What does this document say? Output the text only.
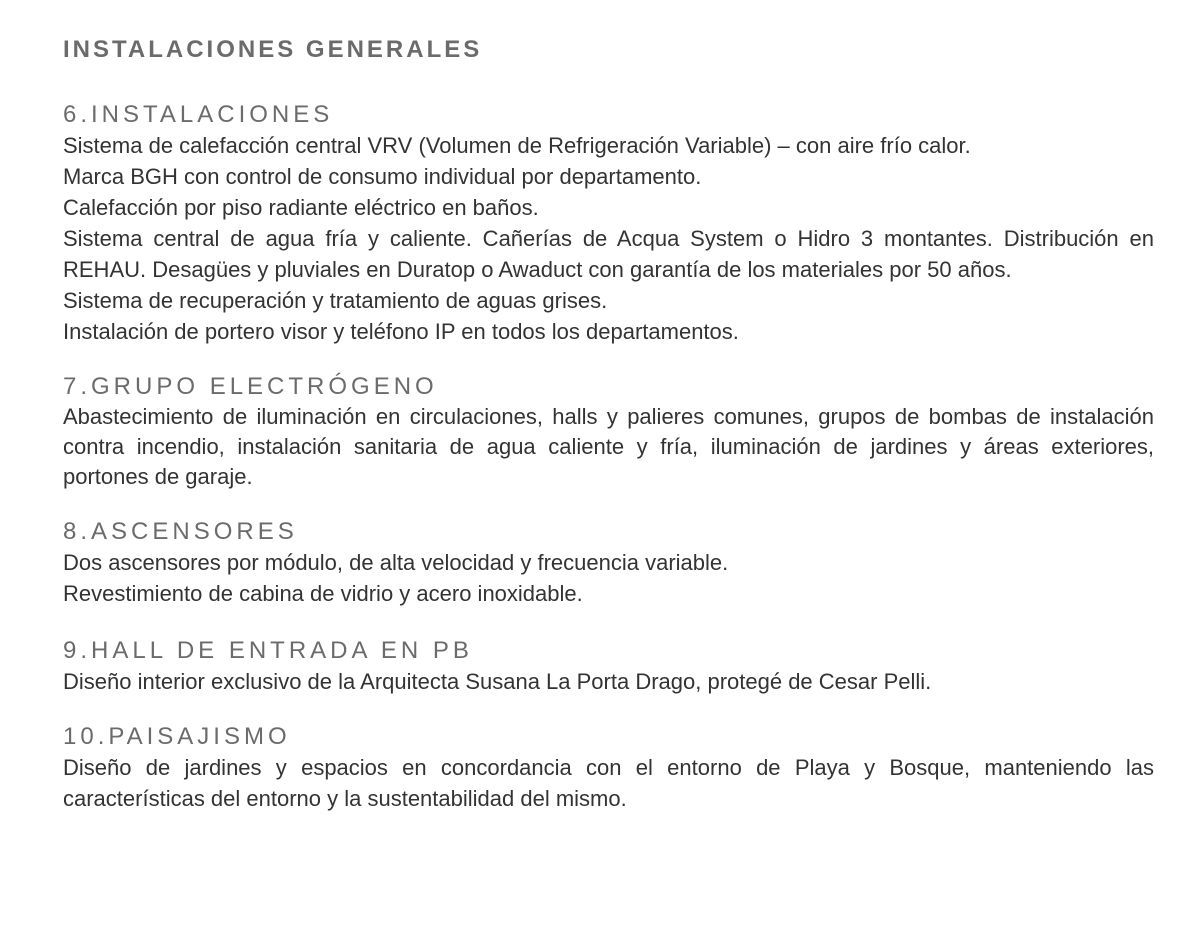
INSTALACIONES GENERALES
6.INSTALACIONES

Sistema de calefacción central VRV (Volumen de Refrigeración Variable) – con aire frío calor.

Marca BGH con control de consumo individual por departamento.

Calefacción por piso radiante eléctrico en baños.

Sistema central de agua fría y caliente. Cañerías de Acqua System o Hidro 3 montantes. Distribución en REHAU. Desagües y pluviales en Duratop o Awaduct con garantía de los materiales por 50 años.

Sistema de recuperación y tratamiento de aguas grises.

Instalación de portero visor y teléfono IP en todos los departamentos.

7.GRUPO ELECTRÓGENO

Abastecimiento de iluminación en circulaciones, halls y palieres comunes, grupos de bombas de instalación contra incendio, instalación sanitaria de agua caliente y fría, iluminación de jardines y áreas exteriores, portones de garaje.

8.ASCENSORES

Dos ascensores por módulo, de alta velocidad y frecuencia variable.

Revestimiento de cabina de vidrio y acero inoxidable.

9.HALL DE ENTRADA EN PB

Diseño interior exclusivo de la Arquitecta Susana La Porta Drago, protegé de Cesar Pelli.

10.PAISAJISMO

Diseño de jardines y espacios en concordancia con el entorno de Playa y Bosque, manteniendo las características del entorno y la sustentabilidad del mismo.
